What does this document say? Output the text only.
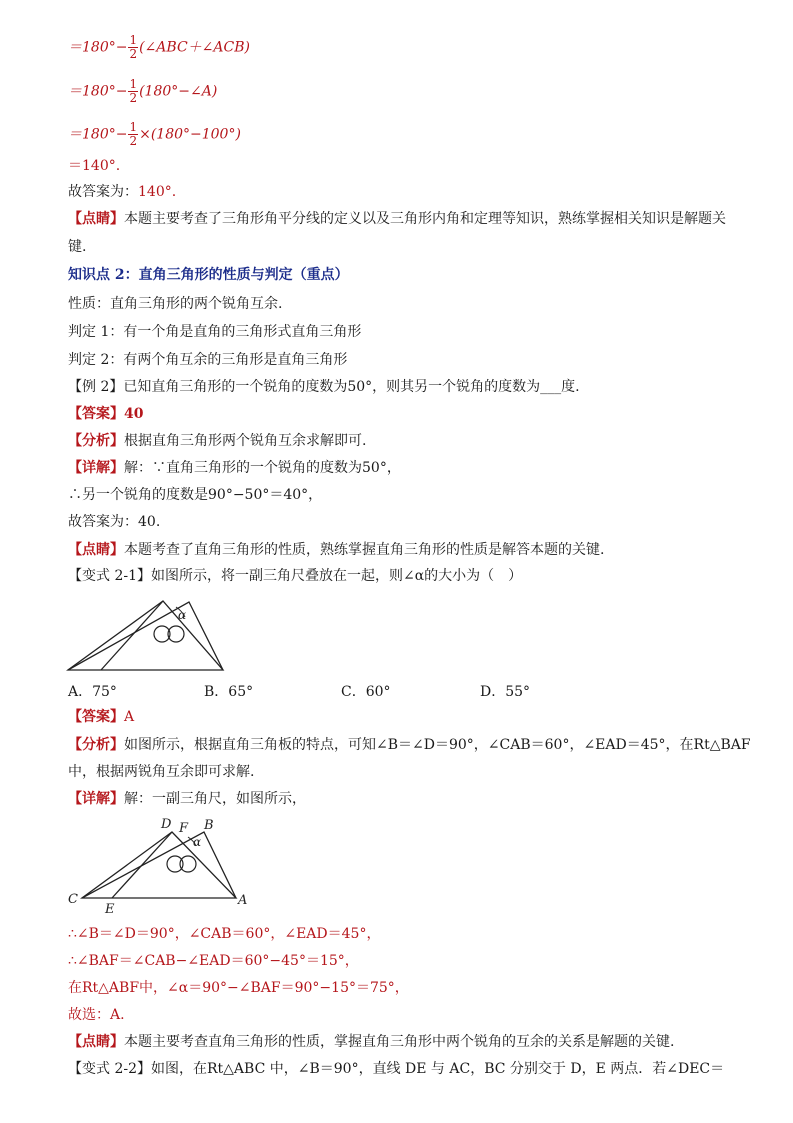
$=180^\circ- \frac{1}{2}$ (∠ABC＋∠ACB)
$=180^\circ- \frac{1}{2}$ (180°−∠A)
$=180^\circ- \frac{1}{2} \times(180^\circ-100^\circ)$
＝140°.
故答案为：140°.
【点睛】本题主要考查了三角形角平分线的定义以及三角形内角和定理等知识，熟练掌握相关知识是解题关
键.
知识点 2：直角三角形的性质与判定（重点）
性质：直角三角形的两个锐角互余.
判定 1：有一个角是直角的三角形式直角三角形
判定 2：有两个角互余的三角形是直角三角形
【例 2】已知直角三角形的一个锐角的度数为50°，则其另一个锐角的度数为___度.
【答案】40
【分析】根据直角三角形两个锐角互余求解即可.
【详解】解：∵直角三角形的一个锐角的度数为50°，
∴另一个锐角的度数是90°−50°＝40°，
故答案为：40.
【点睛】本题考查了直角三角形的性质，熟练掌握直角三角形的性质是解答本题的关键.
【变式 2-1】如图所示，将一副三角尺叠放在一起，则∠α的大小为（　）
α
A．75°	B．65°	C．60°	D．55°
【答案】A
【分析】如图所示，根据直角三角板的特点，可知∠B＝∠D＝90°，∠CAB＝60°，∠EAD＝45°，在Rt△BAF
中，根据两锐角互余即可求解.
【详解】解：一副三角尺，如图所示，
D F B
α
C
E
A
∴∠B＝∠D＝90°，∠CAB＝60°，∠EAD＝45°，
∴∠BAF＝∠CAB−∠EAD＝60°−45°＝15°，
在Rt△ABF中，∠α＝90°−∠BAF＝90°−15°＝75°，
故选：A.
【点睛】本题主要考查直角三角形的性质，掌握直角三角形中两个锐角的互余的关系是解题的关键.
【变式 2-2】如图，在Rt△ABC 中，∠B＝90°，直线 DE 与 AC，BC 分别交于 D，E 两点．若∠DEC＝
